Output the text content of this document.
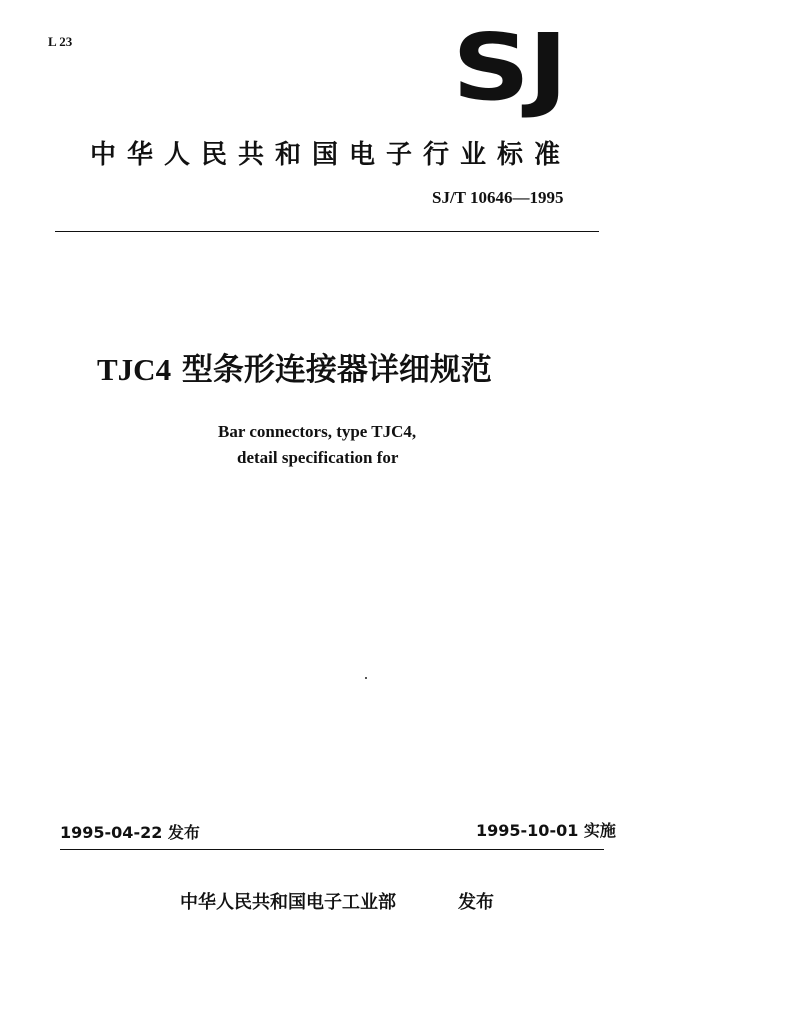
L 23	SJ
中华人民共和国电子行业标准
SJ/T 10646—1995
TJC4 型条形连接器详细规范
Bar connectors, type TJC4,
detail specification for
1995-04-22 发布	1995-10-01 实施
中华人民共和国电子工业部	发布
